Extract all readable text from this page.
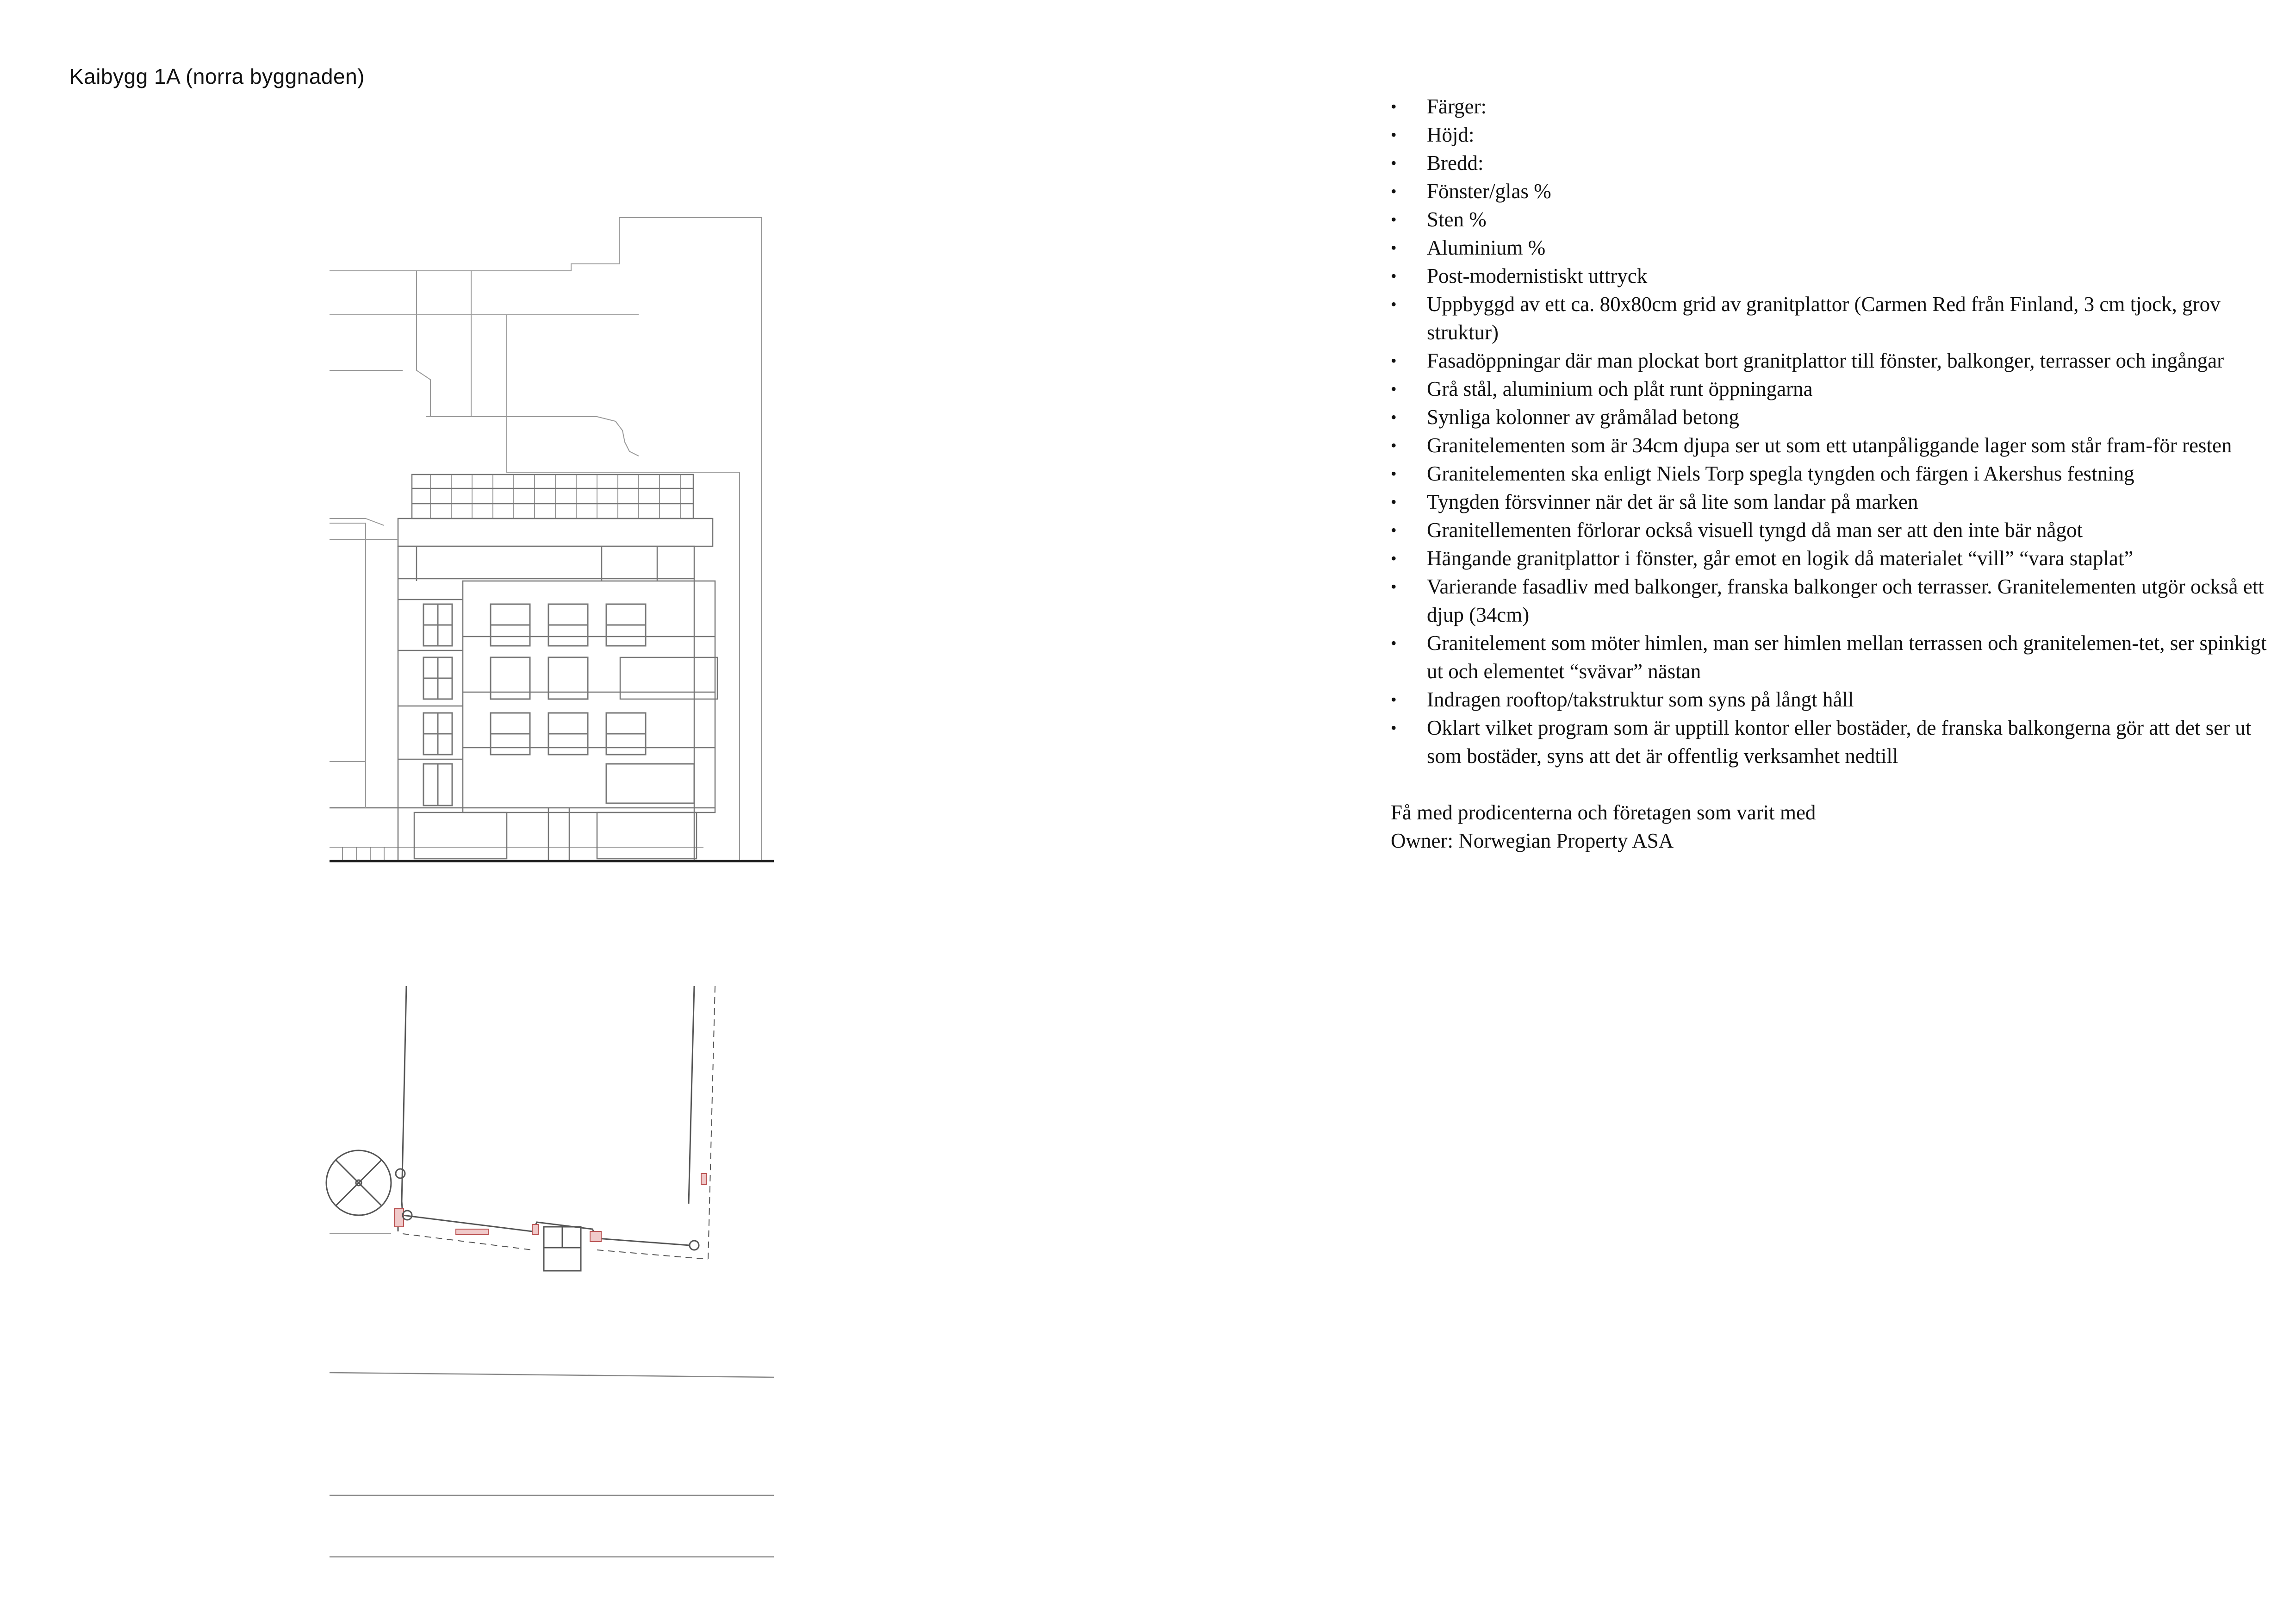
Kaibygg 1A (norra byggnaden)
• Färger:
• Höjd:
• Bredd:
• Fönster/glas %
• Sten %
• Aluminium %
• Post-modernistiskt uttryck
• Uppbyggd av ett ca. 80x80cm grid av granitplattor (Carmen Red från Finland, 3 cm tjock, grov struktur)
• Fasadöppningar där man plockat bort granitplattor till fönster, balkonger, terrasser och ingångar
• Grå stål, aluminium och plåt runt öppningarna
• Synliga kolonner av gråmålad betong
• Granitelementen som är 34cm djupa ser ut som ett utanpåliggande lager som står fram-för resten
• Granitelementen ska enligt Niels Torp spegla tyngden och färgen i Akershus festning
• Tyngden försvinner när det är så lite som landar på marken
• Granitellementen förlorar också visuell tyngd då man ser att den inte bär något
• Hängande granitplattor i fönster, går emot en logik då materialet “vill” “vara staplat”
• Varierande fasadliv med balkonger, franska balkonger och terrasser. Granitelementen utgör också ett djup (34cm)
• Granitelement som möter himlen, man ser himlen mellan terrassen och granitelemen-tet, ser spinkigt ut och elementet “svävar” nästan
• Indragen rooftop/takstruktur som syns på långt håll
• Oklart vilket program som är upptill kontor eller bostäder, de franska balkongerna gör att det ser ut som bostäder, syns att det är offentlig verksamhet nedtill
Få med prodicenterna och företagen som varit med
Owner: Norwegian Property ASA
